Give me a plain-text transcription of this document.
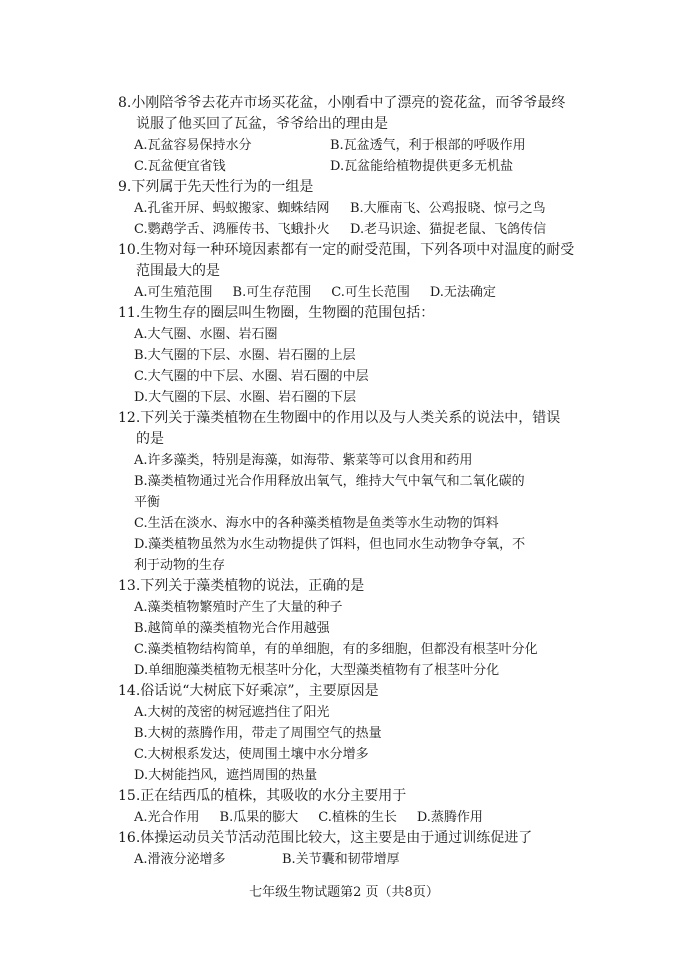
8.小刚陪爷爷去花卉市场买花盆，小刚看中了漂亮的瓷花盆，而爷爷最终
说服了他买回了瓦盆，爷爷给出的理由是
A.瓦盆容易保持水分	B.瓦盆透气，利于根部的呼吸作用
C.瓦盆便宜省钱	D.瓦盆能给植物提供更多无机盐
9.下列属于先天性行为的一组是
A.孔雀开屏、蚂蚁搬家、蜘蛛结网	B.大雁南飞、公鸡报晓、惊弓之鸟
C.鹦鹉学舌、鸿雁传书、飞蛾扑火	D.老马识途、猫捉老鼠、飞鸽传信
10.生物对每一种环境因素都有一定的耐受范围，下列各项中对温度的耐受
范围最大的是
A.可生殖范围 B.可生存范围 C.可生长范围 D.无法确定
11.生物生存的圈层叫生物圈，生物圈的范围包括：
A.大气圈、水圈、岩石圈
B.大气圈的下层、水圈、岩石圈的上层
C.大气圈的中下层、水圈、岩石圈的中层
D.大气圈的下层、水圈、岩石圈的下层
12.下列关于藻类植物在生物圈中的作用以及与人类关系的说法中，错误
的是
A.许多藻类，特别是海藻，如海带、紫菜等可以食用和药用
B.藻类植物通过光合作用释放出氧气，维持大气中氧气和二氧化碳的
平衡
C.生活在淡水、海水中的各种藻类植物是鱼类等水生动物的饵料
D.藻类植物虽然为水生动物提供了饵料，但也同水生动物争夺氧，不
利于动物的生存
13.下列关于藻类植物的说法，正确的是
A.藻类植物繁殖时产生了大量的种子
B.越简单的藻类植物光合作用越强
C.藻类植物结构简单，有的单细胞，有的多细胞，但都没有根茎叶分化
D.单细胞藻类植物无根茎叶分化，大型藻类植物有了根茎叶分化
14.俗话说“大树底下好乘凉”，主要原因是
A.大树的茂密的树冠遮挡住了阳光
B.大树的蒸腾作用，带走了周围空气的热量
C.大树根系发达，使周围土壤中水分增多
D.大树能挡风，遮挡周围的热量
15.正在结西瓜的植株，其吸收的水分主要用于
A.光合作用 B.瓜果的膨大 C.植株的生长 D.蒸腾作用
16.体操运动员关节活动范围比较大，这主要是由于通过训练促进了
A.滑液分泌增多	B.关节囊和韧带增厚
七年级生物试题第2 页（共8页）
